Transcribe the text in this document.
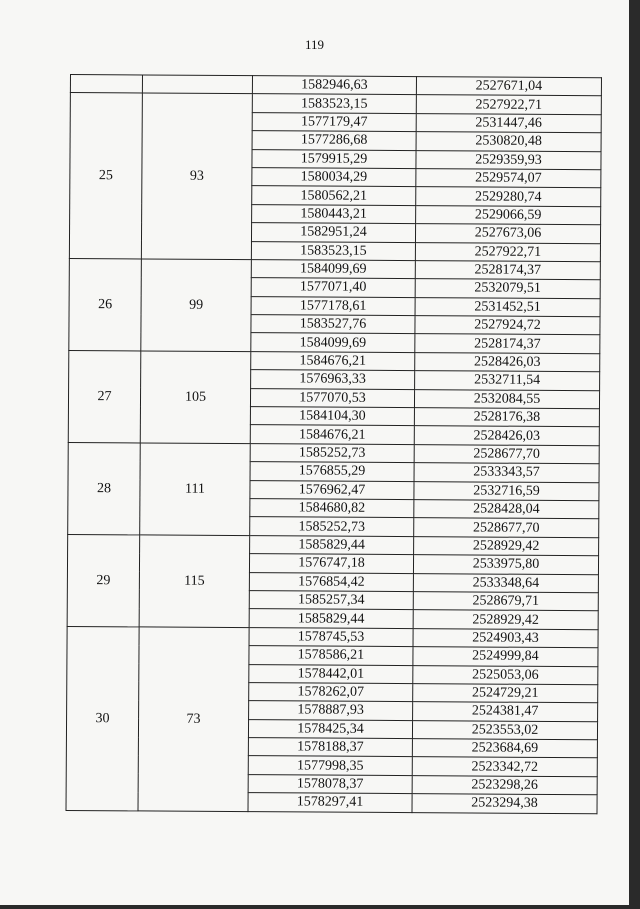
119
		1582946,63	2527671,04
25	93	1583523,15	2527922,71
		1577179,47	2531447,46
		1577286,68	2530820,48
		1579915,29	2529359,93
		1580034,29	2529574,07
		1580562,21	2529280,74
		1580443,21	2529066,59
		1582951,24	2527673,06
		1583523,15	2527922,71
26	99	1584099,69	2528174,37
		1577071,40	2532079,51
		1577178,61	2531452,51
		1583527,76	2527924,72
		1584099,69	2528174,37
27	105	1584676,21	2528426,03
		1576963,33	2532711,54
		1577070,53	2532084,55
		1584104,30	2528176,38
		1584676,21	2528426,03
28	111	1585252,73	2528677,70
		1576855,29	2533343,57
		1576962,47	2532716,59
		1584680,82	2528428,04
		1585252,73	2528677,70
29	115	1585829,44	2528929,42
		1576747,18	2533975,80
		1576854,42	2533348,64
		1585257,34	2528679,71
		1585829,44	2528929,42
30	73	1578745,53	2524903,43
		1578586,21	2524999,84
		1578442,01	2525053,06
		1578262,07	2524729,21
		1578887,93	2524381,47
		1578425,34	2523553,02
		1578188,37	2523684,69
		1577998,35	2523342,72
		1578078,37	2523298,26
		1578297,41	2523294,38
